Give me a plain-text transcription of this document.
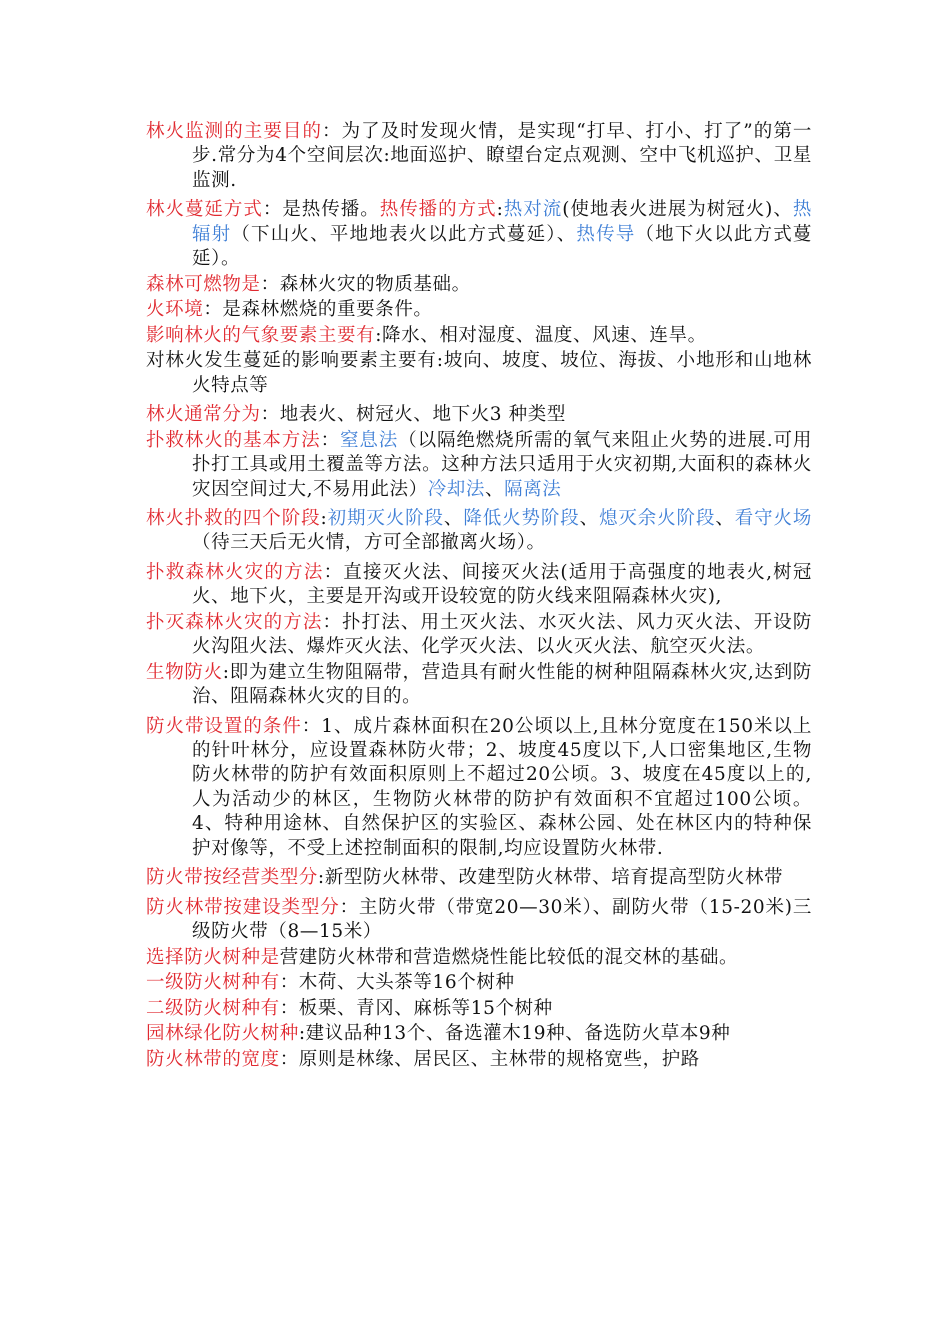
林火监测的主要目的：为了及时发现火情，是实现“打早、打小、打了”的第一步.常分为4个空间层次:地面巡护、瞭望台定点观测、空中飞机巡护、卫星监测.

林火蔓延方式：是热传播。热传播的方式:热对流(使地表火进展为树冠火)、热辐射（下山火、平地地表火以此方式蔓延）、热传导（地下火以此方式蔓延）。

森林可燃物是：森林火灾的物质基础。

火环境：是森林燃烧的重要条件。

影响林火的气象要素主要有:降水、相对湿度、温度、风速、连旱。

对林火发生蔓延的影响要素主要有:坡向、坡度、坡位、海拔、小地形和山地林火特点等

林火通常分为：地表火、树冠火、地下火3 种类型

扑救林火的基本方法：窒息法（以隔绝燃烧所需的氧气来阻止火势的进展.可用扑打工具或用土覆盖等方法。这种方法只适用于火灾初期,大面积的森林火灾因空间过大,不易用此法）冷却法、隔离法

林火扑救的四个阶段:初期灭火阶段、降低火势阶段、熄灭余火阶段、看守火场（待三天后无火情，方可全部撤离火场）。

扑救森林火灾的方法：直接灭火法、间接灭火法(适用于高强度的地表火,树冠火、地下火，主要是开沟或开设较宽的防火线来阻隔森林火灾),

扑灭森林火灾的方法：扑打法、用土灭火法、水灭火法、风力灭火法、开设防火沟阻火法、爆炸灭火法、化学灭火法、以火灭火法、航空灭火法。

生物防火:即为建立生物阻隔带，营造具有耐火性能的树种阻隔森林火灾,达到防治、阻隔森林火灾的目的。

防火带设置的条件：1、成片森林面积在20公顷以上,且林分宽度在150米以上的针叶林分，应设置森林防火带；2、坡度45度以下,人口密集地区,生物防火林带的防护有效面积原则上不超过20公顷。3、坡度在45度以上的,人为活动少的林区，生物防火林带的防护有效面积不宜超过100公顷。4、特种用途林、自然保护区的实验区、森林公园、处在林区内的特种保护对像等，不受上述控制面积的限制,均应设置防火林带.

防火带按经营类型分:新型防火林带、改建型防火林带、培育提高型防火林带

防火林带按建设类型分：主防火带（带宽20—30米）、副防火带（15-20米)三级防火带（8—15米）

选择防火树种是营建防火林带和营造燃烧性能比较低的混交林的基础。

一级防火树种有：木荷、大头茶等16个树种

二级防火树种有：板栗、青冈、麻栎等15个树种

园林绿化防火树种:建议品种13个、备选灌木19种、备选防火草本9种

防火林带的宽度：原则是林缘、居民区、主林带的规格宽些，护路
